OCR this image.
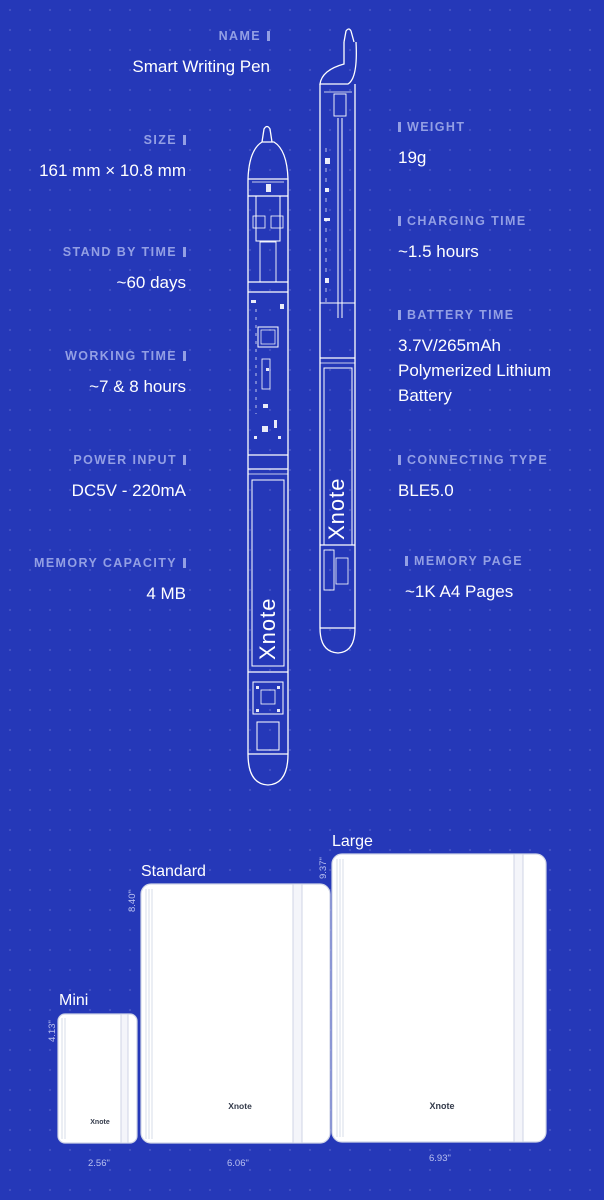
NAME
Smart Writing Pen
SIZE
161 mm × 10.8 mm
STAND BY TIME
~60 days
WORKING TIME
~7 & 8 hours
POWER INPUT
DC5V - 220mA
MEMORY CAPACITY
4 MB
WEIGHT
19g
CHARGING TIME
~1.5 hours
BATTERY TIME
3.7V/265mAh
Polymerized Lithium
Battery
CONNECTING TYPE
BLE5.0
MEMORY PAGE
~1K A4 Pages
Xnote
Xnote
Large
9.37"
6.93"
Xnote
Standard
8.40"
6.06"
Xnote
Mini
4.13"
2.56"
Xnote
